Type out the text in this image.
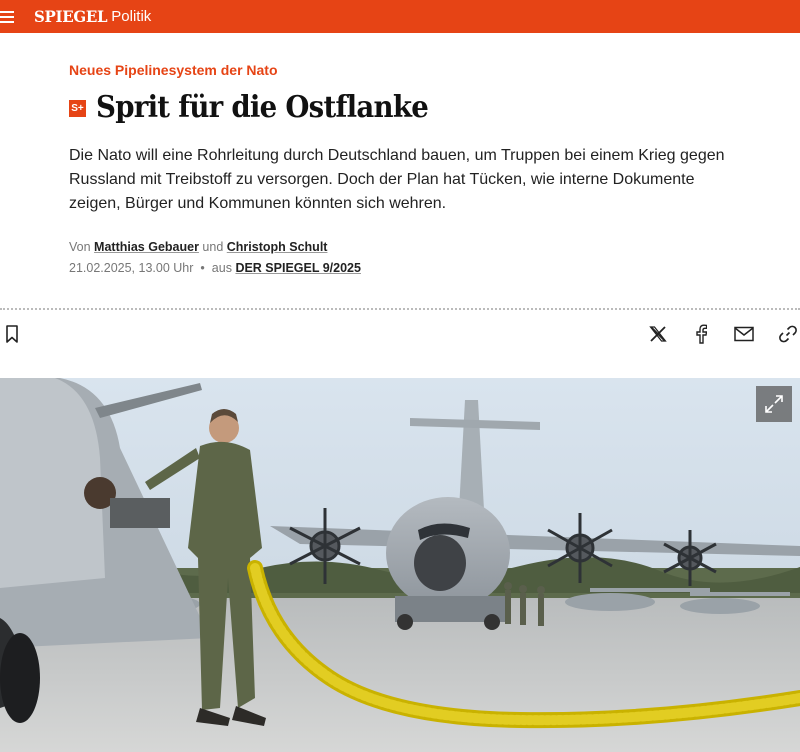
SPIEGEL Politik
Neues Pipelinesystem der Nato
S+ Sprit für die Ostflanke

Die Nato will eine Rohrleitung durch Deutschland bauen, um Truppen bei einem Krieg gegen Russland mit Treibstoff zu versorgen. Doch der Plan hat Tücken, wie interne Dokumente zeigen, Bürger und Kommunen könnten sich wehren.

Von Matthias Gebauer und Christoph Schult
21.02.2025, 13.00 Uhr • aus DER SPIEGEL 9/2025
